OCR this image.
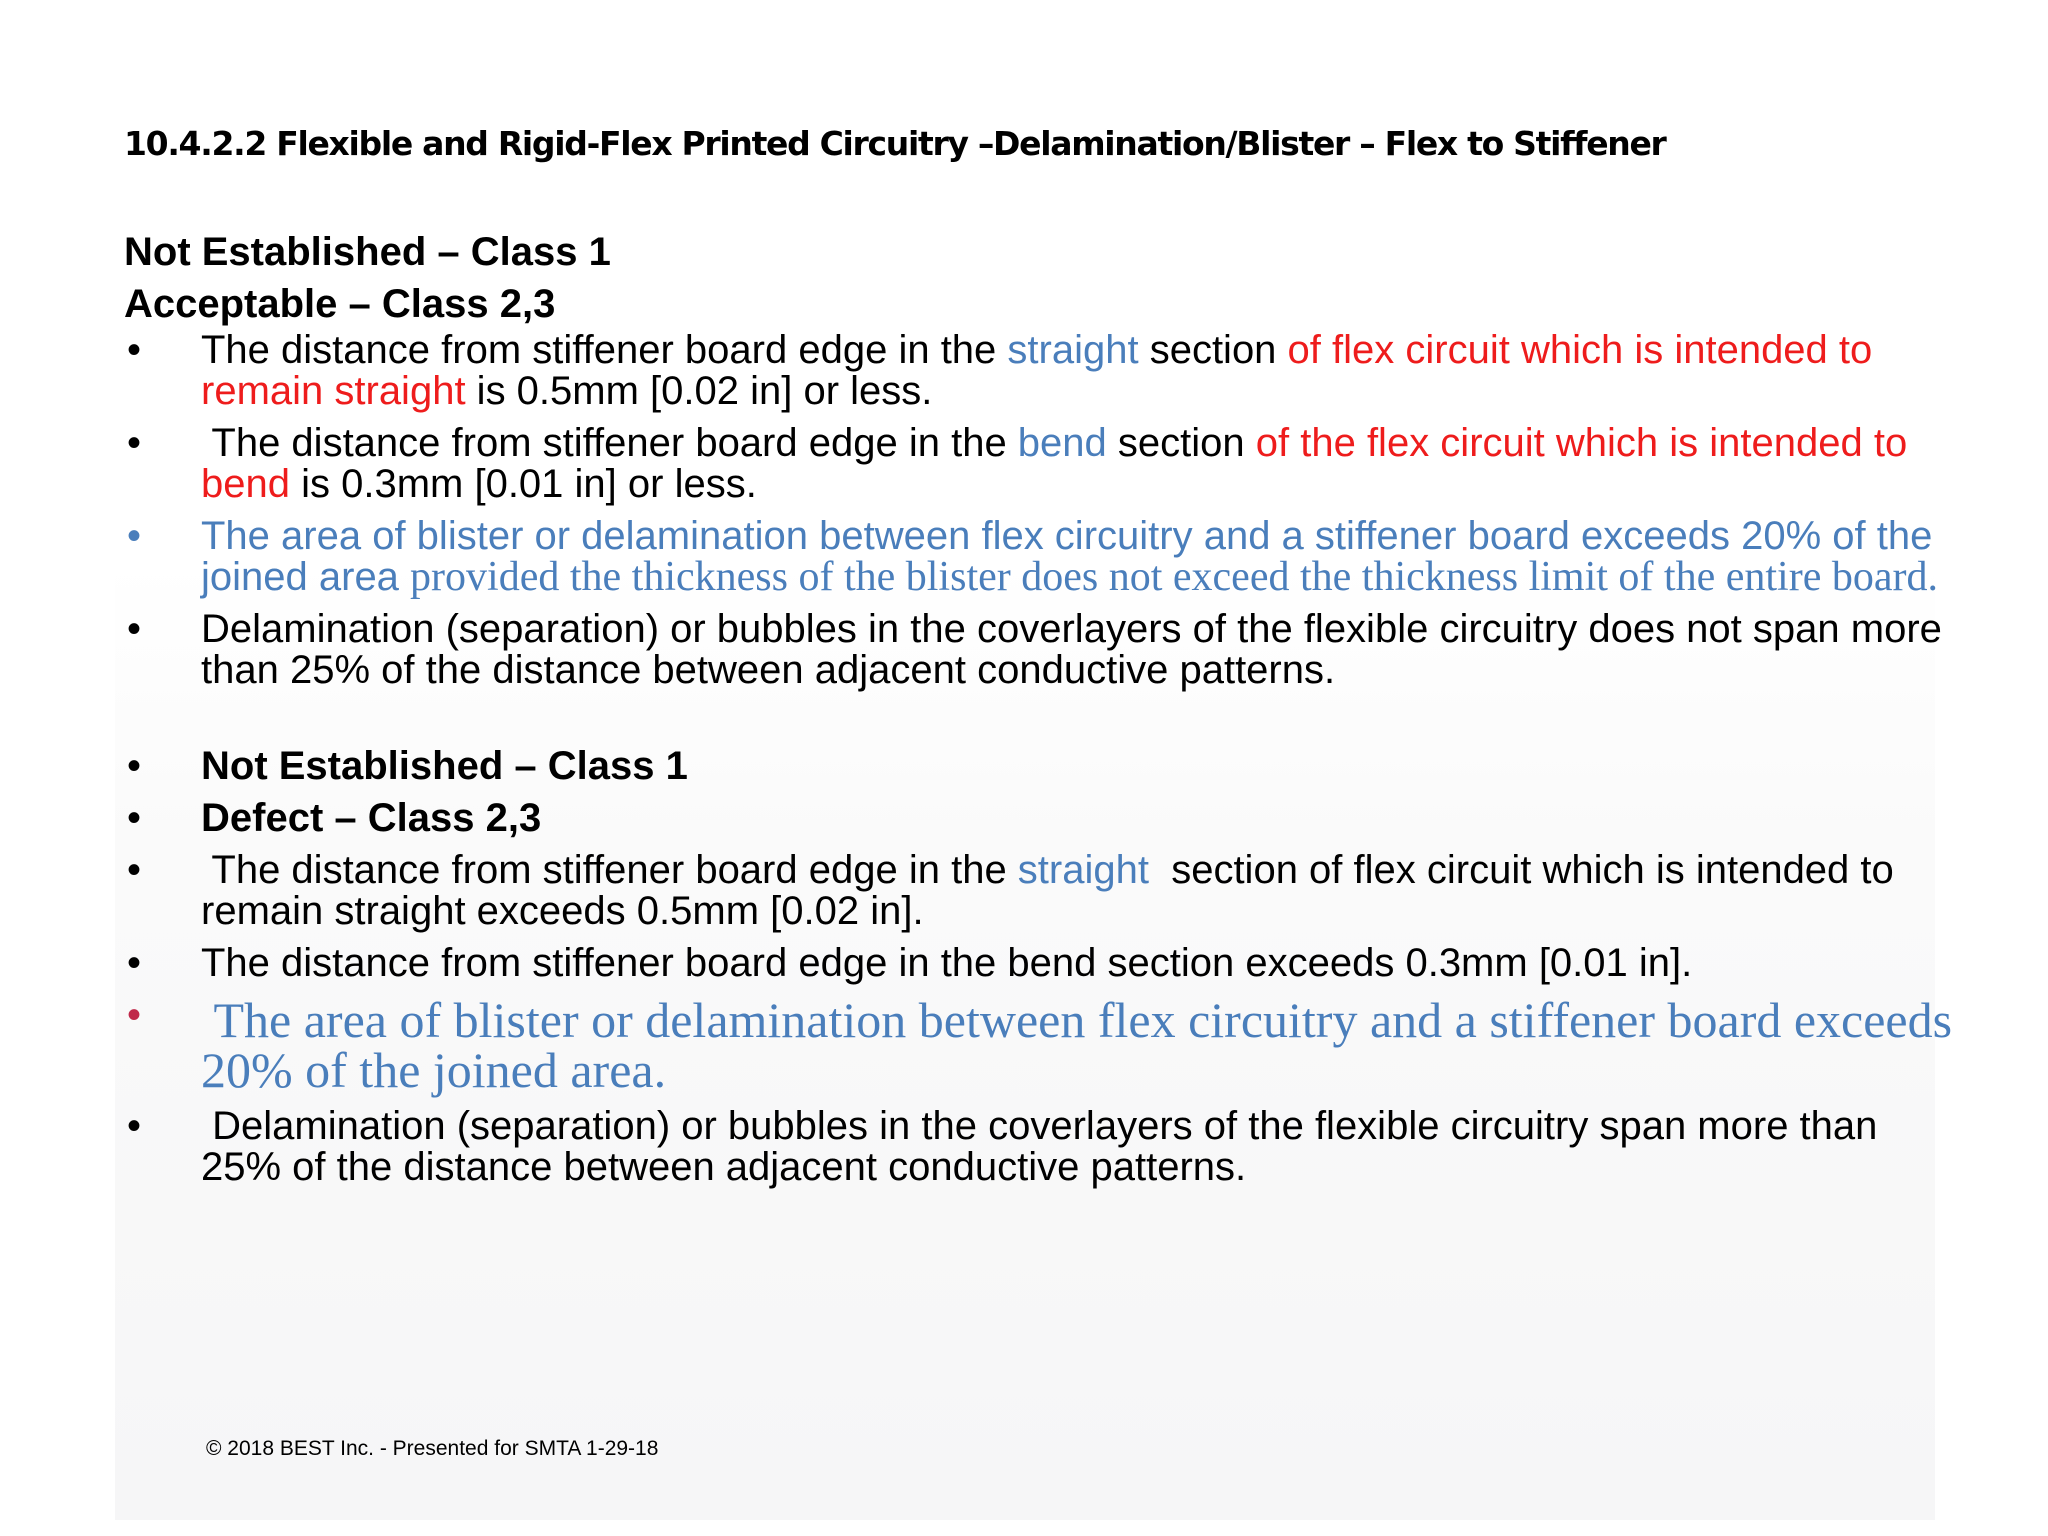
10.4.2.2 Flexible and Rigid-Flex Printed Circuitry –Delamination/Blister – Flex to Stiffener
Not Established – Class 1
Acceptable – Class 2,3
•	The distance from stiffener board edge in the straight section of flex circuit which is intended to remain straight is 0.5mm [0.02 in] or less.
•	The distance from stiffener board edge in the bend section of the flex circuit which is intended to bend is 0.3mm [0.01 in] or less.
•	The area of blister or delamination between flex circuitry and a stiffener board exceeds 20% of the joined area provided the thickness of the blister does not exceed the thickness limit of the entire board.
•	Delamination (separation) or bubbles in the coverlayers of the flexible circuitry does not span more than 25% of the distance between adjacent conductive patterns.
•	Not Established – Class 1
•	Defect – Class 2,3
•	The distance from stiffener board edge in the straight  section of flex circuit which is intended to remain straight exceeds 0.5mm [0.02 in].
•	The distance from stiffener board edge in the bend section exceeds 0.3mm [0.01 in].
•	The area of blister or delamination between flex circuitry and a stiffener board exceeds 20% of the joined area.
•	Delamination (separation) or bubbles in the coverlayers of the flexible circuitry span more than 25% of the distance between adjacent conductive patterns.
© 2018 BEST Inc. - Presented for SMTA 1-29-18
